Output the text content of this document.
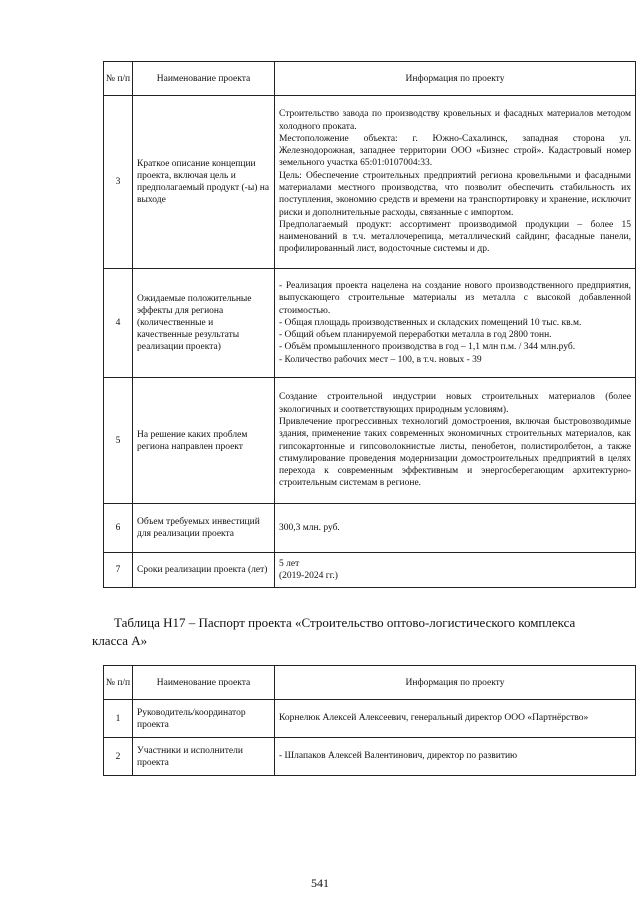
№ п/п	Наименование проекта	Информация по проекту
3	Краткое описание концепции проекта, включая цель и предполагаемый продукт (-ы) на выходе	Строительство завода по производству кровельных и фасадных материалов методом холодного проката.

Местоположение объекта: г. Южно-Сахалинск, западная сторона ул. Железнодорожная, западнее территории ООО «Бизнес строй». Кадастровый номер земельного участка 65:01:0107004:33.

Цель: Обеспечение строительных предприятий региона кровельными и фасадными материалами местного производства, что позволит обеспечить стабильность их поступления, экономию средств и времени на транспортировку и хранение, исключит риски и дополнительные расходы, связанные с импортом.

Предполагаемый продукт: ассортимент производимой продукции – более 15 наименований в т.ч. металлочерепица, металлический сайдинг, фасадные панели, профилированный лист, водосточные системы и др.

4	Ожидаемые положительные эффекты для региона (количественные и качественные результаты реализации проекта)	- Реализация проекта нацелена на создание нового производственного предприятия, выпускающего строительные материалы из металла с высокой добавленной стоимостью.

- Общая площадь производственных и складских помещений 10 тыс. кв.м.

- Общий объем планируемой переработки металла в год 2800 тонн.

- Объём промышленного производства в год – 1,1 млн п.м. / 344 млн.руб.

- Количество рабочих мест – 100, в т.ч. новых - 39

5	На решение каких проблем региона направлен проект	Создание строительной индустрии новых строительных материалов (более экологичных и соответствующих природным условиям).

Привлечение прогрессивных технологий домостроения, включая быстровозводимые здания, применение таких современных экономичных строительных материалов, как гипсокартонные и гипсоволокнистые листы, пенобетон, полистиролбетон, а также стимулирование проведения модернизации домостроительных предприятий в целях перехода к современным эффективным и энергосберегающим архитектурно-строительным системам в регионе.

6	Объем требуемых инвестиций для реализации проекта	300,3 млн. руб.

7	Сроки реализации проекта (лет)	5 лет

(2019-2024 гг.)

Таблица Н17 – Паспорт проекта «Строительство оптово-логистического комплекса
класса А»
№ п/п	Наименование проекта	Информация по проекту
1	Руководитель/координатор проекта	Корнелюк Алексей Алексеевич, генеральный директор ООО «Партнёрство»
2	Участники и исполнители проекта	- Шлапаков Алексей Валентинович, директор по развитию
541
